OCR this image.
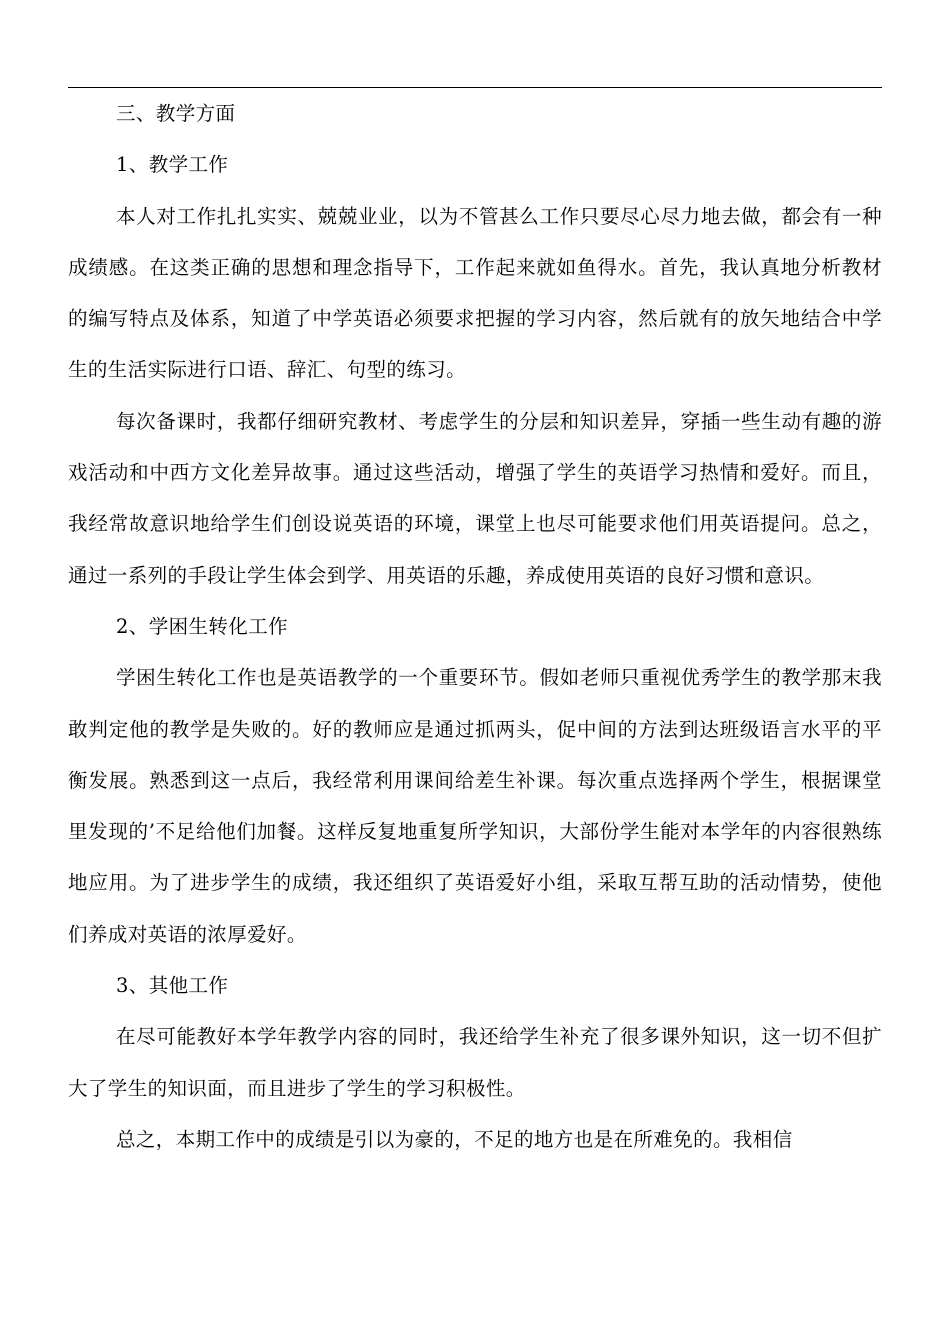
三、教学方面

1、教学工作

本人对工作扎扎实实、兢兢业业，以为不管甚么工作只要尽心尽力地去做，都会有一种成绩感。在这类正确的思想和理念指导下，工作起来就如鱼得水。首先，我认真地分析教材的编写特点及体系，知道了中学英语必须要求把握的学习内容，然后就有的放矢地结合中学生的生活实际进行口语、辞汇、句型的练习。

每次备课时，我都仔细研究教材、考虑学生的分层和知识差异，穿插一些生动有趣的游戏活动和中西方文化差异故事。通过这些活动，增强了学生的英语学习热情和爱好。而且，我经常故意识地给学生们创设说英语的环境，课堂上也尽可能要求他们用英语提问。总之，通过一系列的手段让学生体会到学、用英语的乐趣，养成使用英语的良好习惯和意识。

2、学困生转化工作

学困生转化工作也是英语教学的一个重要环节。假如老师只重视优秀学生的教学那末我敢判定他的教学是失败的。好的教师应是通过抓两头，促中间的方法到达班级语言水平的平衡发展。熟悉到这一点后，我经常利用课间给差生补课。每次重点选择两个学生，根据课堂里发现的’不足给他们加餐。这样反复地重复所学知识，大部份学生能对本学年的内容很熟练地应用。为了进步学生的成绩，我还组织了英语爱好小组，采取互帮互助的活动情势，使他们养成对英语的浓厚爱好。

3、其他工作

在尽可能教好本学年教学内容的同时，我还给学生补充了很多课外知识，这一切不但扩大了学生的知识面，而且进步了学生的学习积极性。

总之，本期工作中的成绩是引以为豪的，不足的地方也是在所难免的。我相信
